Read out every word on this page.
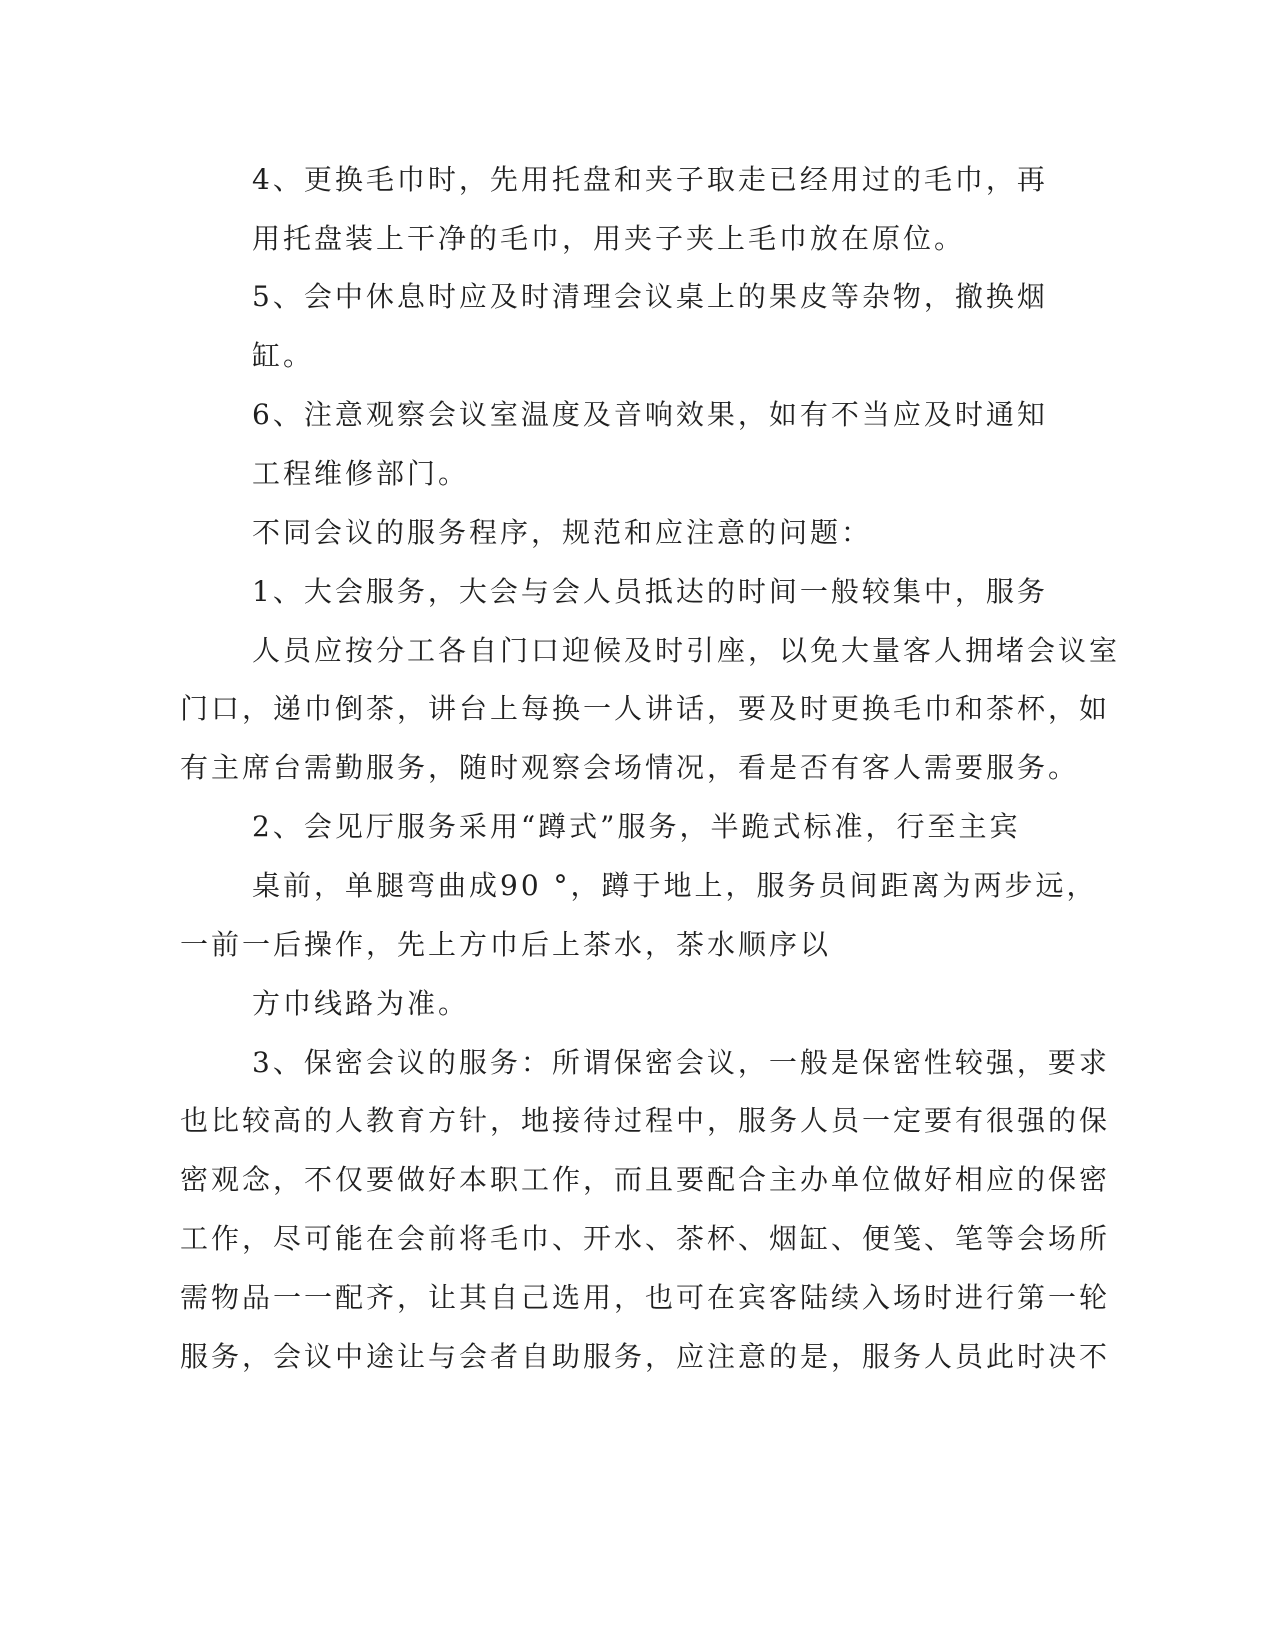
4、更换毛巾时，先用托盘和夹子取走已经用过的毛巾，再
用托盘装上干净的毛巾，用夹子夹上毛巾放在原位。
5、会中休息时应及时清理会议桌上的果皮等杂物，撤换烟
缸。
6、注意观察会议室温度及音响效果，如有不当应及时通知
工程维修部门。
不同会议的服务程序，规范和应注意的问题：
1、大会服务，大会与会人员抵达的时间一般较集中，服务
人员应按分工各自门口迎候及时引座，以免大量客人拥堵会议室
门口，递巾倒茶，讲台上每换一人讲话，要及时更换毛巾和茶杯，如
有主席台需勤服务，随时观察会场情况，看是否有客人需要服务。
2、会见厅服务采用“蹲式”服务，半跪式标准，行至主宾
桌前，单腿弯曲成90 °，蹲于地上，服务员间距离为两步远，
一前一后操作，先上方巾后上茶水，茶水顺序以
方巾线路为准。
3、保密会议的服务：所谓保密会议，一般是保密性较强，要求
也比较高的人教育方针，地接待过程中，服务人员一定要有很强的保
密观念，不仅要做好本职工作，而且要配合主办单位做好相应的保密
工作，尽可能在会前将毛巾、开水、茶杯、烟缸、便笺、笔等会场所
需物品一一配齐，让其自己选用，也可在宾客陆续入场时进行第一轮
服务，会议中途让与会者自助服务，应注意的是，服务人员此时决不
